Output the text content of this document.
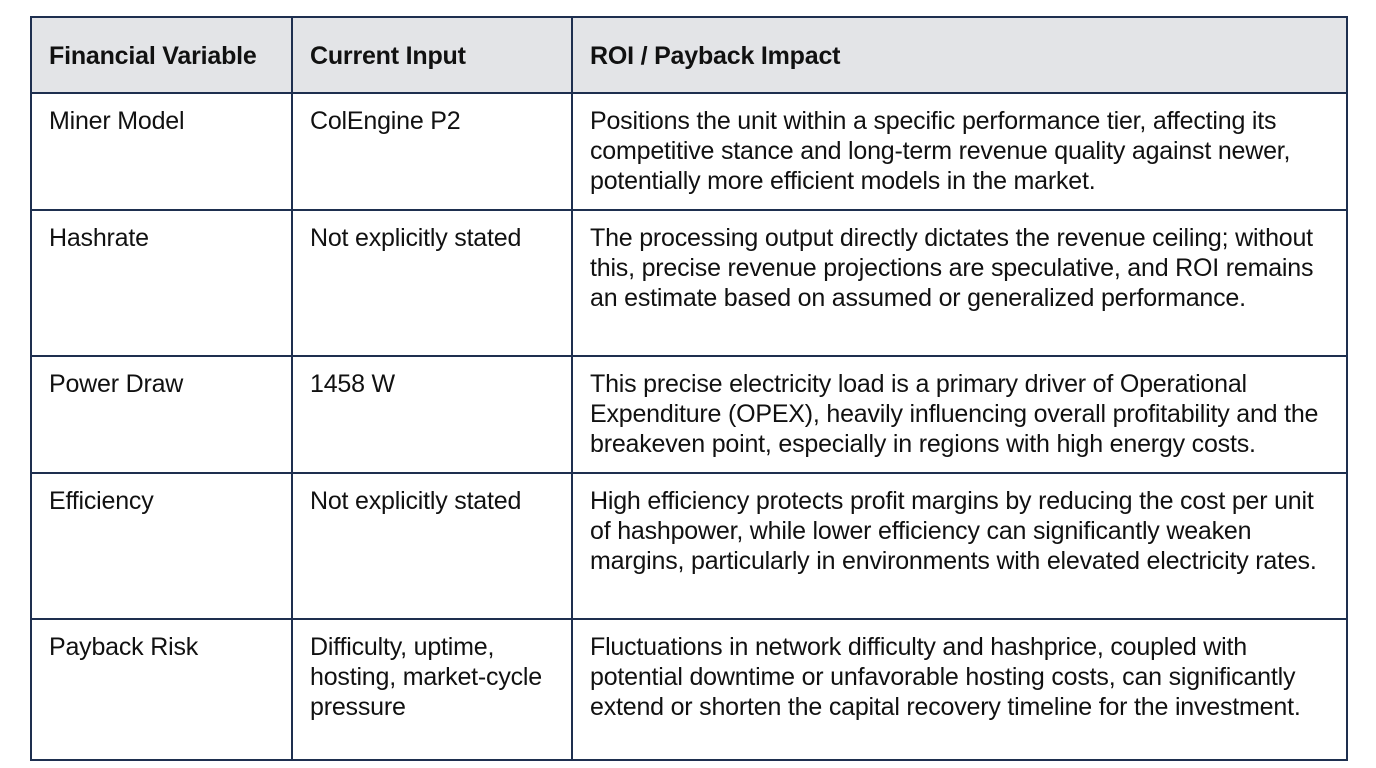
Financial Variable	Current Input	ROI / Payback Impact
Miner Model	ColEngine P2	Positions the unit within a specific performance tier, affecting its competitive stance and long-term revenue quality against newer, potentially more efficient models in the market.
Hashrate	Not explicitly stated	The processing output directly dictates the revenue ceiling; without this, precise revenue projections are speculative, and ROI remains an estimate based on assumed or generalized performance.
Power Draw	1458 W	This precise electricity load is a primary driver of Operational Expenditure (OPEX), heavily influencing overall profitability and the breakeven point, especially in regions with high energy costs.
Efficiency	Not explicitly stated	High efficiency protects profit margins by reducing the cost per unit of hashpower, while lower efficiency can significantly weaken margins, particularly in environments with elevated electricity rates.
Payback Risk	Difficulty, uptime, hosting, market-cycle pressure	Fluctuations in network difficulty and hashprice, coupled with potential downtime or unfavorable hosting costs, can significantly extend or shorten the capital recovery timeline for the investment.
